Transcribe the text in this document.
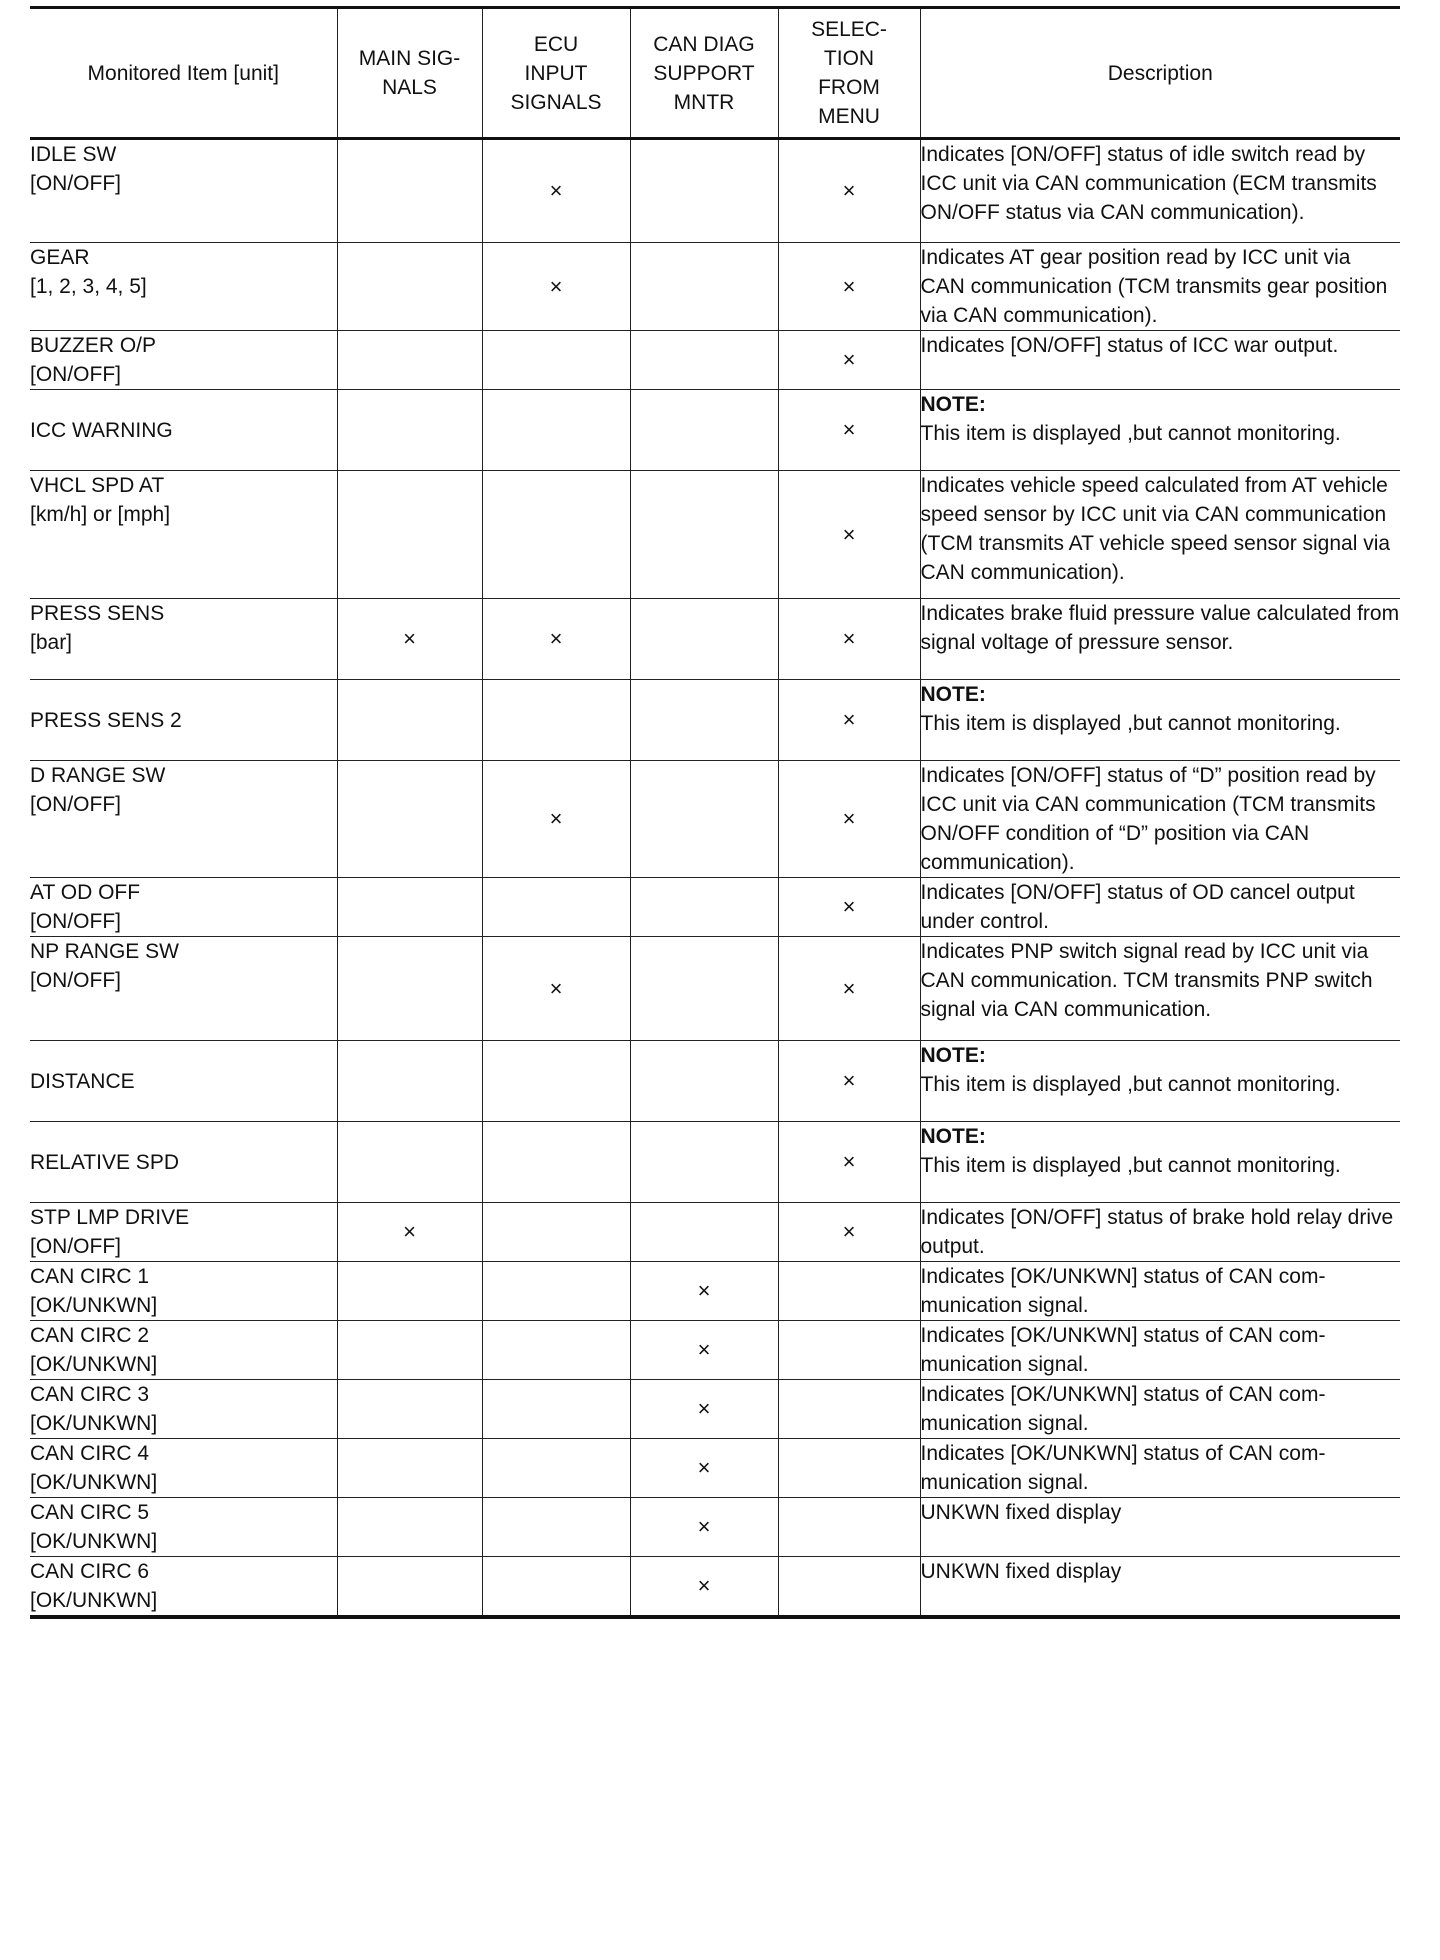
Monitored Item [unit]	MAIN SIG-
NALS	ECU
INPUT
SIGNALS	CAN DIAG
SUPPORT
MNTR	SELEC-
TION
FROM
MENU	Description

IDLE SW
[ON/OFF]		×		×	Indicates [ON/OFF] status of idle switch read by ICC unit via CAN communication (ECM transmits ON/OFF status via CAN communication).

GEAR
[1, 2, 3, 4, 5]		×		×	Indicates AT gear position read by ICC unit via CAN communication (TCM transmits gear position via CAN communication).

BUZZER O/P
[ON/OFF]				×	Indicates [ON/OFF] status of ICC war output.

ICC WARNING				×	NOTE:
This item is displayed ,but cannot monitoring.

VHCL SPD AT
[km/h] or [mph]				×	Indicates vehicle speed calculated from AT vehicle speed sensor by ICC unit via CAN communication (TCM transmits AT vehicle speed sensor signal via CAN communication).

PRESS SENS
[bar]	×	×		×	Indicates brake fluid pressure value calculated from signal voltage of pressure sensor.

PRESS SENS 2				×	NOTE:
This item is displayed ,but cannot monitoring.

D RANGE SW
[ON/OFF]		×		×	Indicates [ON/OFF] status of “D” position read by ICC unit via CAN communication (TCM transmits ON/OFF condition of “D” position via CAN communication).

AT OD OFF
[ON/OFF]				×	Indicates [ON/OFF] status of OD cancel output under control.

NP RANGE SW
[ON/OFF]		×		×	Indicates PNP switch signal read by ICC unit via CAN communication. TCM transmits PNP switch signal via CAN communication.

DISTANCE				×	NOTE:
This item is displayed ,but cannot monitoring.

RELATIVE SPD				×	NOTE:
This item is displayed ,but cannot monitoring.

STP LMP DRIVE
[ON/OFF]	×			×	Indicates [ON/OFF] status of brake hold relay drive output.

CAN CIRC 1
[OK/UNKWN]			×		Indicates [OK/UNKWN] status of CAN communication signal.

CAN CIRC 2
[OK/UNKWN]			×		Indicates [OK/UNKWN] status of CAN communication signal.

CAN CIRC 3
[OK/UNKWN]			×		Indicates [OK/UNKWN] status of CAN communication signal.

CAN CIRC 4
[OK/UNKWN]			×		Indicates [OK/UNKWN] status of CAN communication signal.

CAN CIRC 5
[OK/UNKWN]			×		UNKWN fixed display

CAN CIRC 6
[OK/UNKWN]			×		UNKWN fixed display
